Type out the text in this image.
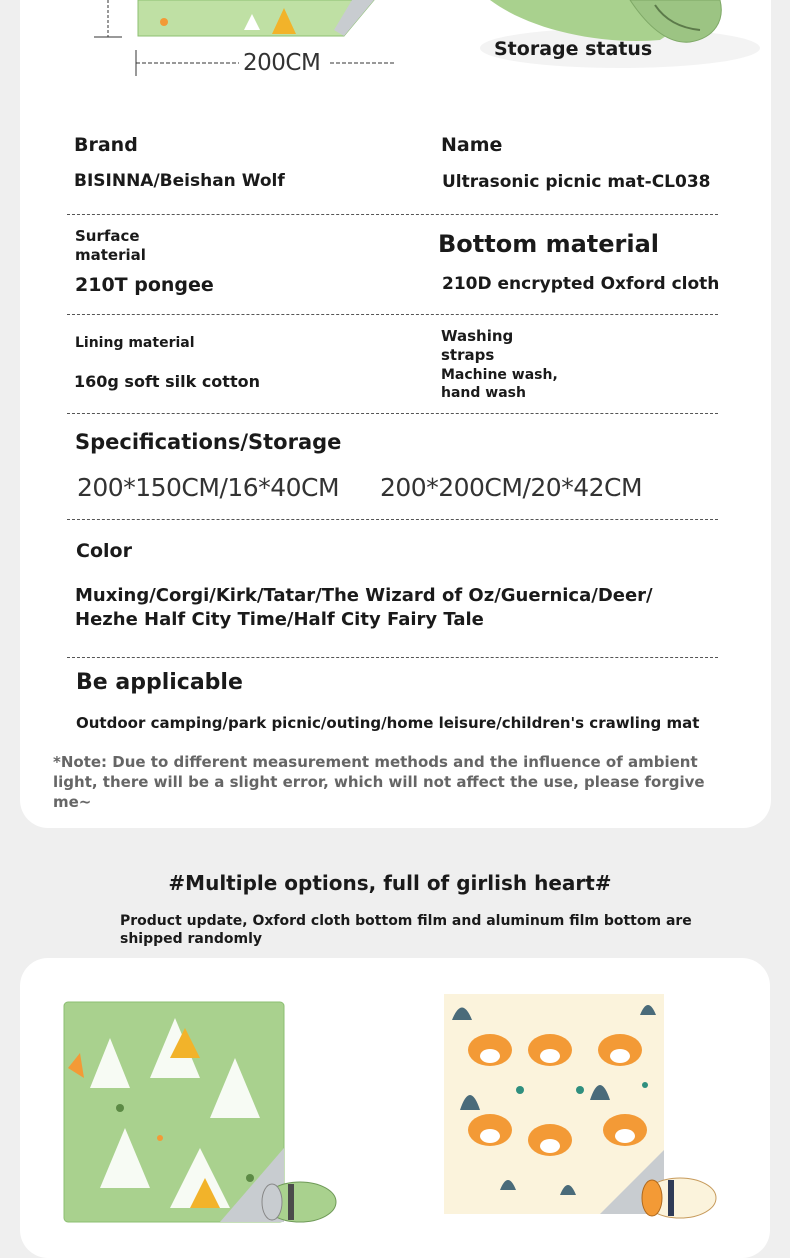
200CM
Storage status
Brand
BISINNA/Beishan Wolf
Name
Ultrasonic picnic mat-CL038
Surface material
210T pongee
Bottom material
210D encrypted Oxford cloth
Lining material
160g soft silk cotton
Washing straps
Machine wash, hand wash
Specifications/Storage
200*150CM/16*40CM 200*200CM/20*42CM
Color
Muxing/Corgi/Kirk/Tatar/The Wizard of Oz/Guernica/Deer/
Hezhe Half City Time/Half City Fairy Tale
Be applicable
Outdoor camping/park picnic/outing/home leisure/children's crawling mat
*Note: Due to different measurement methods and the influence of ambient
light, there will be a slight error, which will not affect the use, please forgive
me~
#Multiple options, full of girlish heart#
Product update, Oxford cloth bottom film and aluminum film bottom are
shipped randomly
